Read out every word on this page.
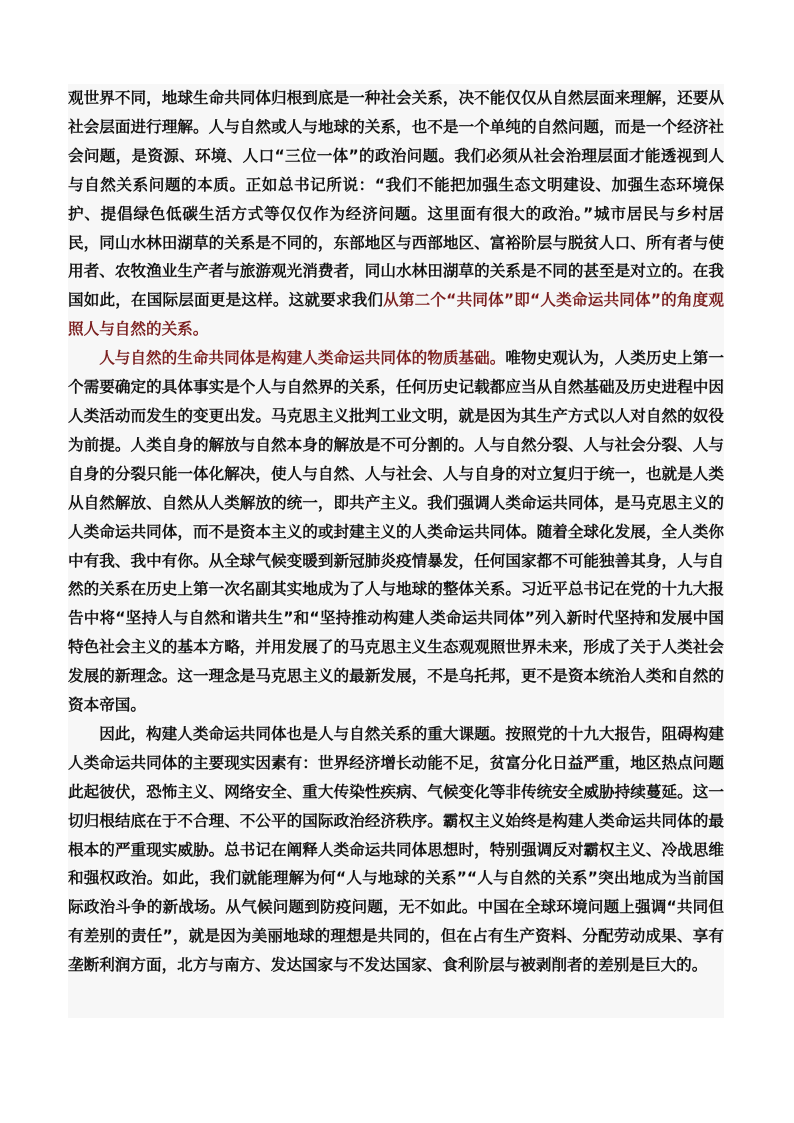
观世界不同，地球生命共同体归根到底是一种社会关系，决不能仅仅从自然层面来理解，还要从社会层面进行理解。人与自然或人与地球的关系，也不是一个单纯的自然问题，而是一个经济社会问题，是资源、环境、人口“三位一体”的政治问题。我们必须从社会治理层面才能透视到人与自然关系问题的本质。正如总书记所说：“我们不能把加强生态文明建设、加强生态环境保护、提倡绿色低碳生活方式等仅仅作为经济问题。这里面有很大的政治。”城市居民与乡村居民，同山水林田湖草的关系是不同的，东部地区与西部地区、富裕阶层与脱贫人口、所有者与使用者、农牧渔业生产者与旅游观光消费者，同山水林田湖草的关系是不同的甚至是对立的。在我国如此，在国际层面更是这样。这就要求我们从第二个“共同体”即“人类命运共同体”的角度观照人与自然的关系。

人与自然的生命共同体是构建人类命运共同体的物质基础。唯物史观认为，人类历史上第一个需要确定的具体事实是个人与自然界的关系，任何历史记载都应当从自然基础及历史进程中因人类活动而发生的变更出发。马克思主义批判工业文明，就是因为其生产方式以人对自然的奴役为前提。人类自身的解放与自然本身的解放是不可分割的。人与自然分裂、人与社会分裂、人与自身的分裂只能一体化解决，使人与自然、人与社会、人与自身的对立复归于统一，也就是人类从自然解放、自然从人类解放的统一，即共产主义。我们强调人类命运共同体，是马克思主义的人类命运共同体，而不是资本主义的或封建主义的人类命运共同体。随着全球化发展，全人类你中有我、我中有你。从全球气候变暖到新冠肺炎疫情暴发，任何国家都不可能独善其身，人与自然的关系在历史上第一次名副其实地成为了人与地球的整体关系。习近平总书记在党的十九大报告中将“坚持人与自然和谐共生”和“坚持推动构建人类命运共同体”列入新时代坚持和发展中国特色社会主义的基本方略，并用发展了的马克思主义生态观观照世界未来，形成了关于人类社会发展的新理念。这一理念是马克思主义的最新发展，不是乌托邦，更不是资本统治人类和自然的资本帝国。

因此，构建人类命运共同体也是人与自然关系的重大课题。按照党的十九大报告，阻碍构建人类命运共同体的主要现实因素有：世界经济增长动能不足，贫富分化日益严重，地区热点问题此起彼伏，恐怖主义、网络安全、重大传染性疾病、气候变化等非传统安全威胁持续蔓延。这一切归根结底在于不合理、不公平的国际政治经济秩序。霸权主义始终是构建人类命运共同体的最根本的严重现实威胁。总书记在阐释人类命运共同体思想时，特别强调反对霸权主义、冷战思维和强权政治。如此，我们就能理解为何“人与地球的关系”“人与自然的关系”突出地成为当前国际政治斗争的新战场。从气候问题到防疫问题，无不如此。中国在全球环境问题上强调“共同但有差别的责任”，就是因为美丽地球的理想是共同的，但在占有生产资料、分配劳动成果、享有垄断利润方面，北方与南方、发达国家与不发达国家、食利阶层与被剥削者的差别是巨大的。
